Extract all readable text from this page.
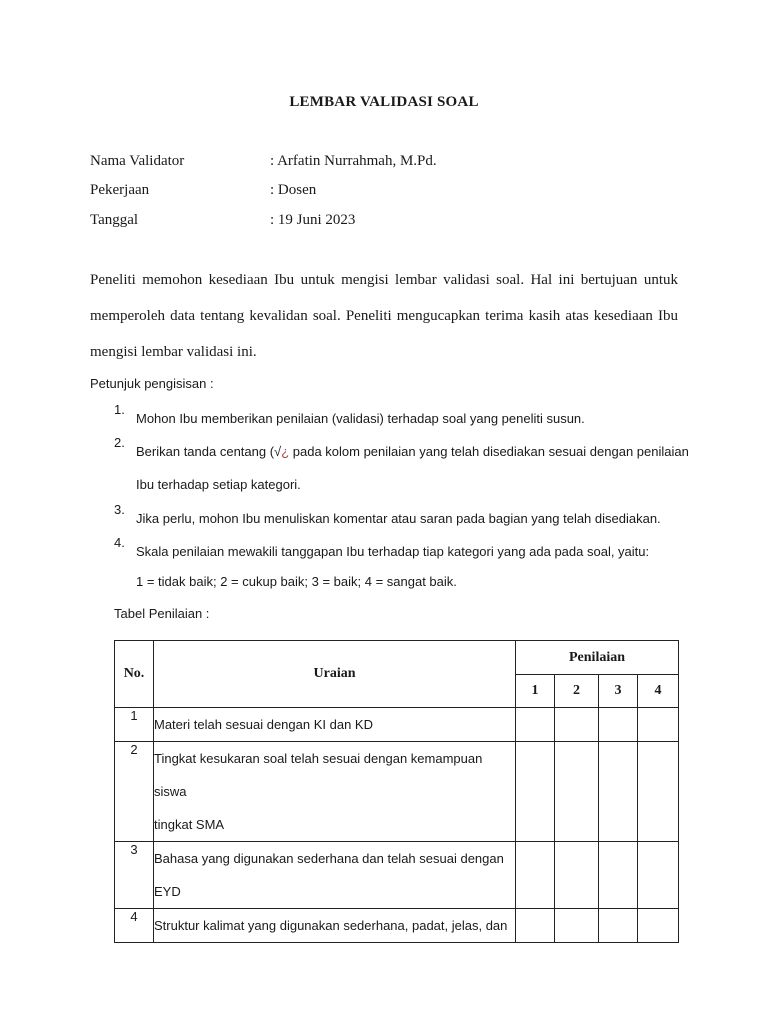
LEMBAR VALIDASI SOAL
Nama Validator	: Arfatin Nurrahmah, M.Pd.
Pekerjaan	: Dosen
Tanggal	: 19 Juni 2023
Peneliti memohon kesediaan Ibu untuk mengisi lembar validasi soal. Hal ini bertujuan untuk memperoleh data tentang kevalidan soal. Peneliti mengucapkan terima kasih atas kesediaan Ibu mengisi lembar validasi ini.
Petunjuk pengisisan :
1.
Mohon Ibu memberikan penilaian (validasi) terhadap soal yang peneliti susun.
2.
Berikan tanda centang (√¿ pada kolom penilaian yang telah disediakan sesuai dengan penilaian
Ibu terhadap setiap kategori.
3.
Jika perlu, mohon Ibu menuliskan komentar atau saran pada bagian yang telah disediakan.
4.
Skala penilaian mewakili tanggapan Ibu terhadap tiap kategori yang ada pada soal, yaitu:
1 = tidak baik; 2 = cukup baik; 3 = baik; 4 = sangat baik.
Tabel Penilaian :
No.	Uraian	Penilaian			
		1	2	3	4
1	Materi telah sesuai dengan KI dan KD				
2	Tingkat kesukaran soal telah sesuai dengan kemampuan siswa
tingkat SMA				
3	Bahasa yang digunakan sederhana dan telah sesuai dengan
EYD				
4	Struktur kalimat yang digunakan sederhana, padat, jelas, dan				
